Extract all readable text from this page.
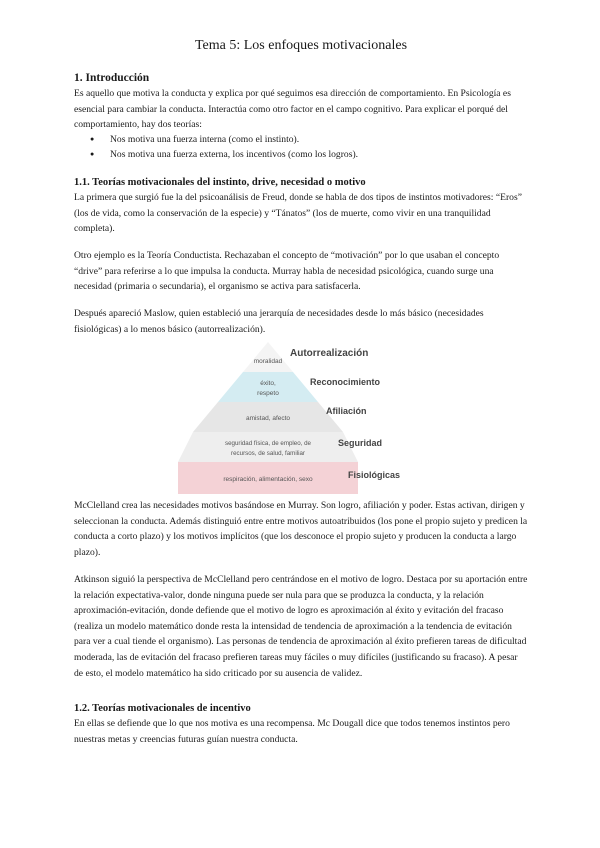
Tema 5: Los enfoques motivacionales
1. Introducción

Es aquello que motiva la conducta y explica por qué seguimos esa dirección de comportamiento. En Psicología es esencial para cambiar la conducta. Interactúa como otro factor en el campo cognitivo. Para explicar el porqué del comportamiento, hay dos teorías:

● Nos motiva una fuerza interna (como el instinto).
● Nos motiva una fuerza externa, los incentivos (como los logros).
1.1. Teorías motivacionales del instinto, drive, necesidad o motivo

La primera que surgió fue la del psicoanálisis de Freud, donde se habla de dos tipos de instintos motivadores: “Eros” (los de vida, como la conservación de la especie) y “Tánatos” (los de muerte, como vivir en una tranquilidad completa).

Otro ejemplo es la Teoría Conductista. Rechazaban el concepto de “motivación” por lo que usaban el concepto “drive” para referirse a lo que impulsa la conducta. Murray habla de necesidad psicológica, cuando surge una necesidad (primaria o secundaria), el organismo se activa para satisfacerla.

Después apareció Maslow, quien estableció una jerarquía de necesidades desde lo más básico (necesidades fisiológicas) a lo menos básico (autorrealización).

moralidad
éxito,
respeto
amistad, afecto
seguridad física, de empleo, de
recursos, de salud, familiar
respiración, alimentación, sexo
Autorrealización
Reconocimiento
Afiliación
Seguridad
Fisiológicas

McClelland crea las necesidades motivos basándose en Murray. Son logro, afiliación y poder. Estas activan, dirigen y seleccionan la conducta. Además distinguió entre entre motivos autoatribuidos (los pone el propio sujeto y predicen la conducta a corto plazo) y los motivos implícitos (que los desconoce el propio sujeto y producen la conducta a largo plazo).

Atkinson siguió la perspectiva de McClelland pero centrándose en el motivo de logro. Destaca por su aportación entre la relación expectativa-valor, donde ninguna puede ser nula para que se produzca la conducta, y la relación aproximación-evitación, donde defiende que el motivo de logro es aproximación al éxito y evitación del fracaso (realiza un modelo matemático donde resta la intensidad de tendencia de aproximación a la tendencia de evitación para ver a cual tiende el organismo). Las personas de tendencia de aproximación al éxito prefieren tareas de dificultad moderada, las de evitación del fracaso prefieren tareas muy fáciles o muy difíciles (justificando su fracaso). A pesar de esto, el modelo matemático ha sido criticado por su ausencia de validez.

1.2. Teorías motivacionales de incentivo

En ellas se defiende que lo que nos motiva es una recompensa. Mc Dougall dice que todos tenemos instintos pero nuestras metas y creencias futuras guían nuestra conducta.
